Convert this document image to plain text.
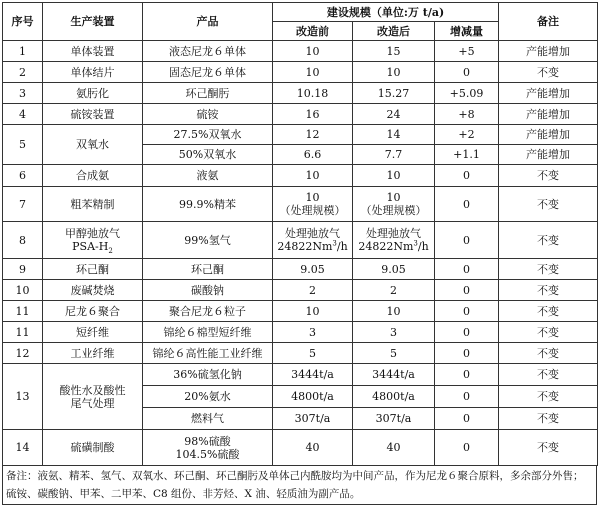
序号	生产装置	产品	建设规模（单位:万 t/a)			备注
			改造前	改造后	增减量	
1	单体装置	液态尼龙６单体	10	15	+5	产能增加
2	单体结片	固态尼龙６单体	10	10	0	不变
3	氨肟化	环己酮肟	10.18	15.27	+5.09	产能增加
4	硫铵装置	硫铵	16	24	+8	产能增加
5	双氧水	27.5%双氧水	12	14	+2	产能增加
		50%双氧水	6.6	7.7	+1.1	产能增加
6	合成氨	液氨	10	10	0	不变
7	粗苯精制	99.9%精苯	10
（处理规模）	10
（处理规模）	0	不变
8	甲醇弛放气
PSA-$H_2$	99%氢气	处理弛放气
24822Nm$^3$/h	处理弛放气
24822Nm$^3$/h	0	不变
9	环己酮	环己酮	9.05	9.05	0	不变
10	废碱焚烧	碳酸钠	2	2	0	不变
11	尼龙６聚合	聚合尼龙６粒子	10	10	0	不变
11	短纤维	锦纶６棉型短纤维	3	3	0	不变
12	工业纤维	锦纶６高性能工业纤维	5	5	0	不变
13	酸性水及酸性
尾气处理	36%硫氢化钠	3444t/a	3444t/a	0	不变
		20%氨水	4800t/a	4800t/a	0	不变
		燃料气	307t/a	307t/a	0	不变
14	硫磺制酸	98%硫酸
104.5%硫酸	40	40	0	不变
备注：液氨、精苯、氢气、双氧水、环己酮、环己酮肟及单体己内酰胺均为中间产品，作为尼龙６聚合原料，多余部分外售；硫铵、碳酸钠、甲苯、二甲苯、C8 组份、非芳烃、X 油、轻质油为副产品。
